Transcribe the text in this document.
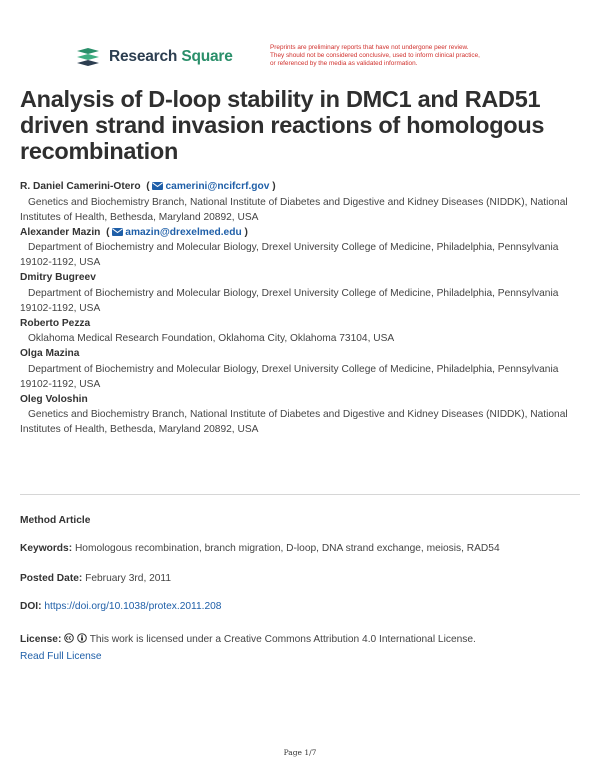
Research Square
Preprints are preliminary reports that have not undergone peer review.
They should not be considered conclusive, used to inform clinical practice,
or referenced by the media as validated information.
Analysis of D-loop stability in DMC1 and RAD51 driven strand invasion reactions of homologous recombination
R. Daniel Camerini-Otero  ( camerini@ncifcrf.gov )
Genetics and Biochemistry Branch, National Institute of Diabetes and Digestive and Kidney Diseases (NIDDK), National Institutes of Health, Bethesda, Maryland 20892, USA
Alexander Mazin  ( amazin@drexelmed.edu )
Department of Biochemistry and Molecular Biology, Drexel University College of Medicine, Philadelphia, Pennsylvania 19102-1192, USA
Dmitry Bugreev
Department of Biochemistry and Molecular Biology, Drexel University College of Medicine, Philadelphia, Pennsylvania 19102-1192, USA
Roberto Pezza
Oklahoma Medical Research Foundation, Oklahoma City, Oklahoma 73104, USA
Olga Mazina
Department of Biochemistry and Molecular Biology, Drexel University College of Medicine, Philadelphia, Pennsylvania 19102-1192, USA
Oleg Voloshin
Genetics and Biochemistry Branch, National Institute of Diabetes and Digestive and Kidney Diseases (NIDDK), National Institutes of Health, Bethesda, Maryland 20892, USA
Method Article
Keywords: Homologous recombination, branch migration, D-loop, DNA strand exchange, meiosis, RAD54
Posted Date: February 3rd, 2011
DOI: https://doi.org/10.1038/protex.2011.208
License:	This work is licensed under a Creative Commons Attribution 4.0 International License.
Read Full License
Page 1/7
